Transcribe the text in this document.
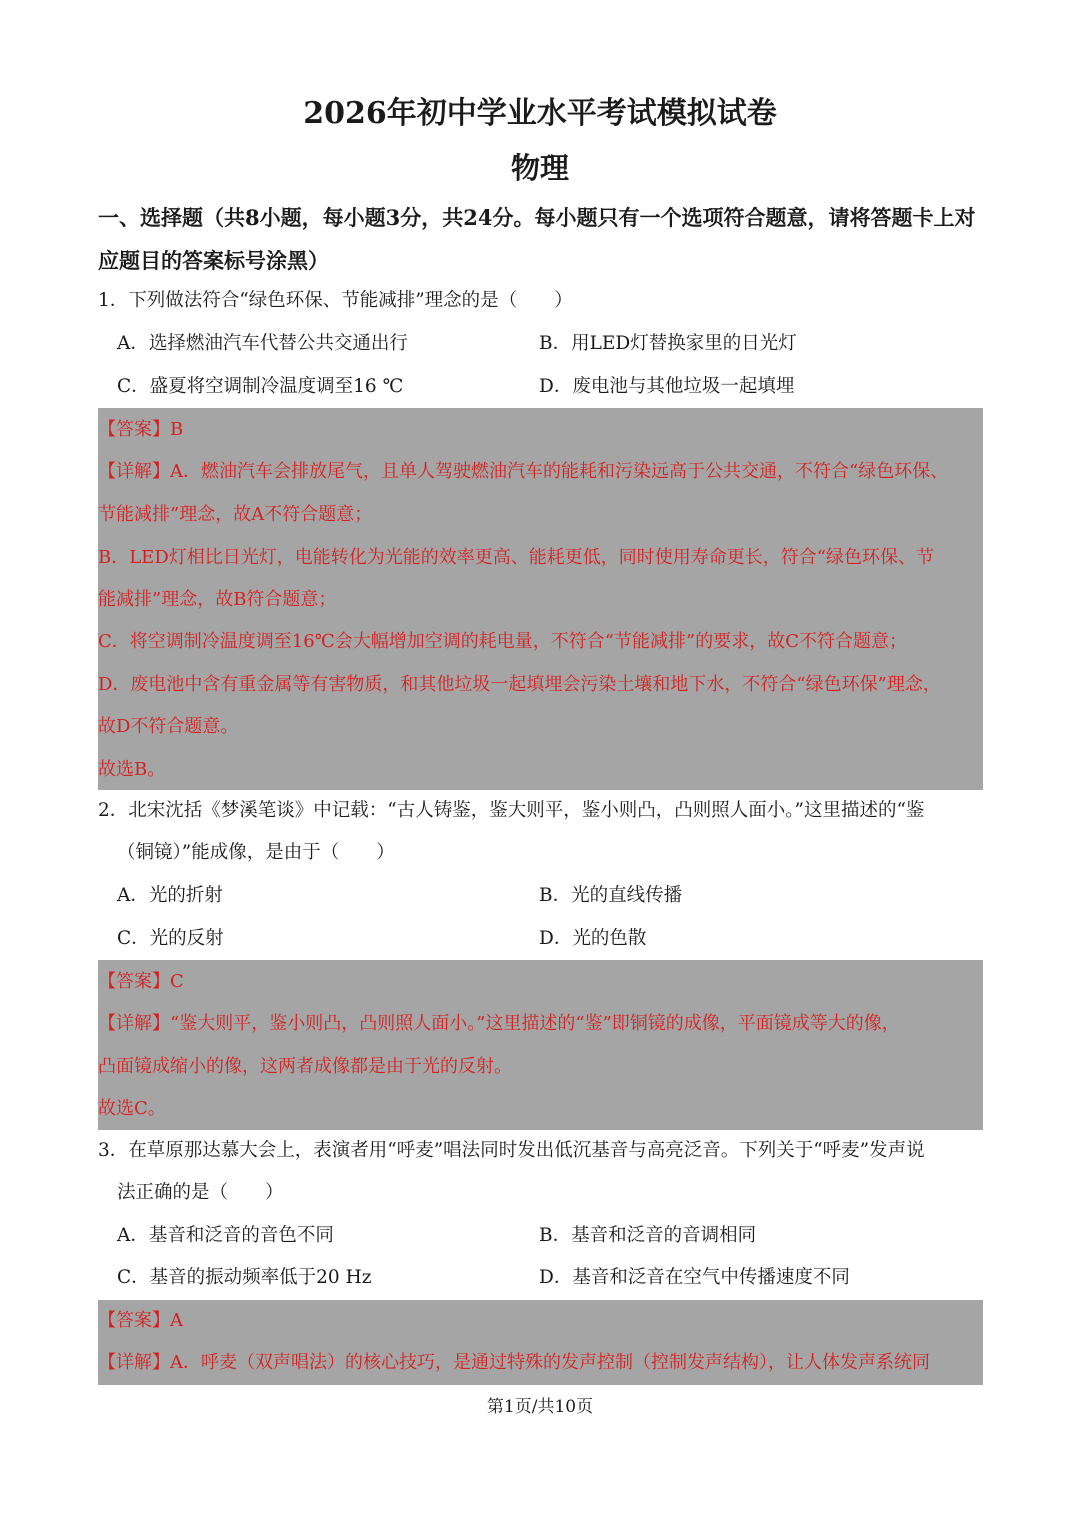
2026年初中学业水平考试模拟试卷
物理
一、选择题（共8小题，每小题3分，共24分。每小题只有一个选项符合题意，请将答题卡上对应题目的答案标号涂黑）
1．下列做法符合“绿色环保、节能减排”理念的是（　　）
A．选择燃油汽车代替公共交通出行	B．用LED灯替换家里的日光灯
C．盛夏将空调制冷温度调至16 ℃	D．废电池与其他垃圾一起填埋
【答案】B
【详解】A．燃油汽车会排放尾气，且单人驾驶燃油汽车的能耗和污染远高于公共交通，不符合“绿色环保、
节能减排”理念，故A不符合题意；
B．LED灯相比日光灯，电能转化为光能的效率更高、能耗更低，同时使用寿命更长，符合“绿色环保、节
能减排”理念，故B符合题意；
C．将空调制冷温度调至16℃会大幅增加空调的耗电量，不符合“节能减排”的要求，故C不符合题意；
D．废电池中含有重金属等有害物质，和其他垃圾一起填埋会污染土壤和地下水，不符合“绿色环保”理念，
故D不符合题意。
故选B。
2．北宋沈括《梦溪笔谈》中记载：“古人铸鉴，鉴大则平，鉴小则凸，凸则照人面小。”这里描述的“鉴
（铜镜）”能成像，是由于（　　）
A．光的折射	B．光的直线传播
C．光的反射	D．光的色散
【答案】C
【详解】“鉴大则平，鉴小则凸，凸则照人面小。”这里描述的“鉴”即铜镜的成像，平面镜成等大的像，
凸面镜成缩小的像，这两者成像都是由于光的反射。
故选C。
3．在草原那达慕大会上，表演者用“呼麦”唱法同时发出低沉基音与高亮泛音。下列关于“呼麦”发声说
法正确的是（　　）
A．基音和泛音的音色不同	B．基音和泛音的音调相同
C．基音的振动频率低于20 Hz	D．基音和泛音在空气中传播速度不同
【答案】A
【详解】A．呼麦（双声唱法）的核心技巧，是通过特殊的发声控制（控制发声结构），让人体发声系统同
第1页/共10页
